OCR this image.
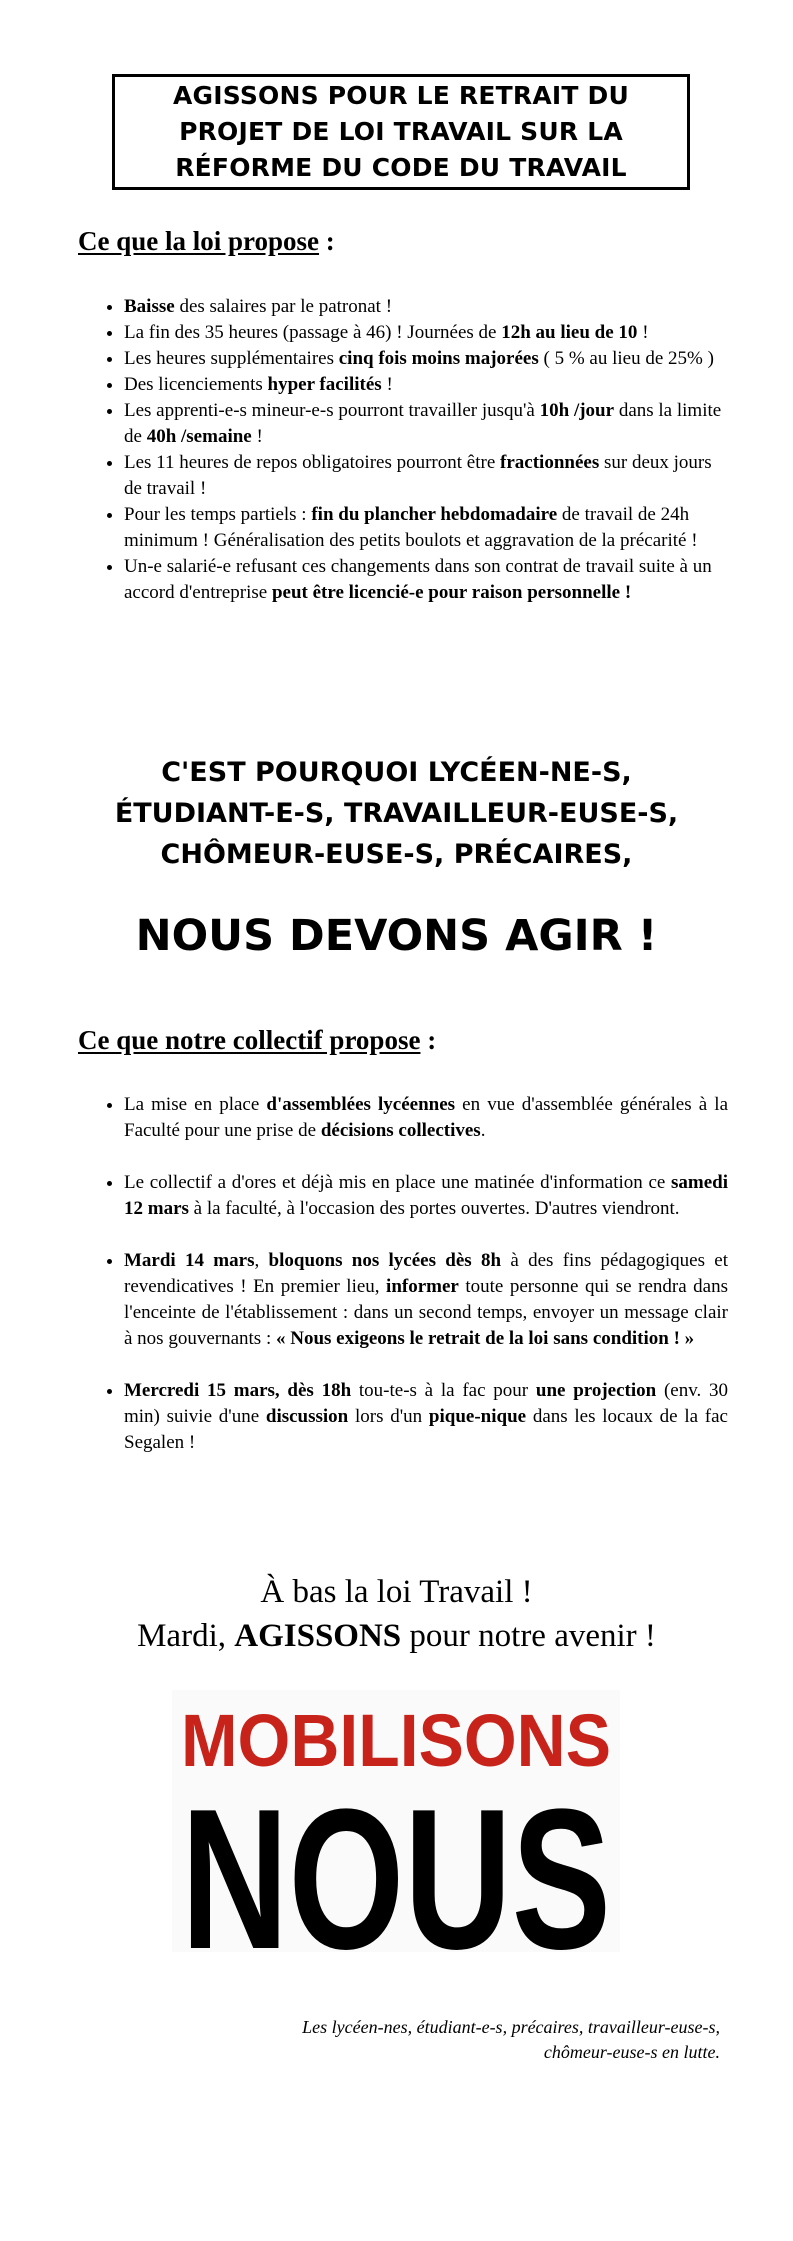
AGISSONS POUR LE RETRAIT DU
PROJET DE LOI TRAVAIL SUR LA
RÉFORME DU CODE DU TRAVAIL
Ce que la loi propose :
• Baisse des salaires par le patronat !
• La fin des 35 heures (passage à 46) ! Journées de 12h au lieu de 10 !
• Les heures supplémentaires cinq fois moins majorées ( 5 % au lieu de 25% )
• Des licenciements hyper facilités !
• Les apprenti-e-s mineur-e-s pourront travailler jusqu'à 10h /jour dans la limite de 40h /semaine !
• Les 11 heures de repos obligatoires pourront être fractionnées sur deux jours de travail !
• Pour les temps partiels : fin du plancher hebdomadaire de travail de 24h minimum ! Généralisation des petits boulots et aggravation de la précarité !
• Un-e salarié-e refusant ces changements dans son contrat de travail suite à un accord d'entreprise peut être licencié-e pour raison personnelle !
C'EST POURQUOI LYCÉEN-NE-S,
ÉTUDIANT-E-S, TRAVAILLEUR-EUSE-S,
CHÔMEUR-EUSE-S, PRÉCAIRES,
NOUS DEVONS AGIR !
Ce que notre collectif propose :
• La mise en place d'assemblées lycéennes en vue d'assemblée générales à la Faculté pour une prise de décisions collectives.
• Le collectif a d'ores et déjà mis en place une matinée d'information ce samedi 12 mars à la faculté, à l'occasion des portes ouvertes. D'autres viendront.
• Mardi 14 mars, bloquons nos lycées dès 8h à des fins pédagogiques et revendicatives ! En premier lieu, informer toute personne qui se rendra dans l'enceinte de l'établissement : dans un second temps, envoyer un message clair à nos gouvernants : « Nous exigeons le retrait de la loi sans condition ! »
• Mercredi 15 mars, dès 18h tou-te-s à la fac pour une projection (env. 30 min) suivie d'une discussion lors d'un pique-nique dans les locaux de la fac Segalen !
À bas la loi Travail !
Mardi, AGISSONS pour notre avenir !
MOBILISONS
NOUS
Les lycéen-nes, étudiant-e-s, précaires, travailleur-euse-s,
chômeur-euse-s en lutte.
